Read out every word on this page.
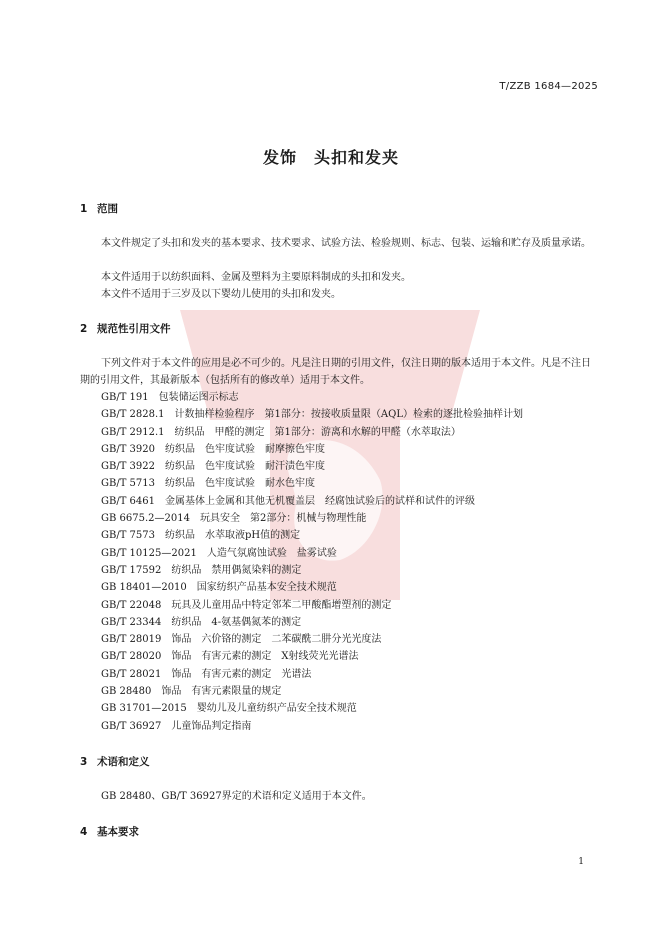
T/ZZB 1684—2025
发饰　头扣和发夹
1 范围
本文件规定了头扣和发夹的基本要求、技术要求、试验方法、检验规则、标志、包装、运输和贮存及质量承诺。
本文件适用于以纺织面料、金属及塑料为主要原料制成的头扣和发夹。
本文件不适用于三岁及以下婴幼儿使用的头扣和发夹。
2 规范性引用文件
下列文件对于本文件的应用是必不可少的。凡是注日期的引用文件，仅注日期的版本适用于本文件。凡是不注日期的引用文件，其最新版本（包括所有的修改单）适用于本文件。
GB/T 191　包装储运图示标志
GB/T 2828.1　计数抽样检验程序　第1部分：按接收质量限（AQL）检索的逐批检验抽样计划
GB/T 2912.1　纺织品　甲醛的测定　第1部分：游离和水解的甲醛（水萃取法）
GB/T 3920　纺织品　色牢度试验　耐摩擦色牢度
GB/T 3922　纺织品　色牢度试验　耐汗渍色牢度
GB/T 5713　纺织品　色牢度试验　耐水色牢度
GB/T 6461　金属基体上金属和其他无机覆盖层　经腐蚀试验后的试样和试件的评级
GB 6675.2—2014　玩具安全　第2部分：机械与物理性能
GB/T 7573　纺织品　水萃取液pH值的测定
GB/T 10125—2021　人造气氛腐蚀试验　盐雾试验
GB/T 17592　纺织品　禁用偶氮染料的测定
GB 18401—2010　国家纺织产品基本安全技术规范
GB/T 22048　玩具及儿童用品中特定邻苯二甲酸酯增塑剂的测定
GB/T 23344　纺织品　4-氨基偶氮苯的测定
GB/T 28019　饰品　六价铬的测定　二苯碳酰二肼分光光度法
GB/T 28020　饰品　有害元素的测定　X射线荧光光谱法
GB/T 28021　饰品　有害元素的测定　光谱法
GB 28480　饰品　有害元素限量的规定
GB 31701—2015　婴幼儿及儿童纺织产品安全技术规范
GB/T 36927　儿童饰品判定指南
3 术语和定义
GB 28480、GB/T 36927界定的术语和定义适用于本文件。
4 基本要求
1
